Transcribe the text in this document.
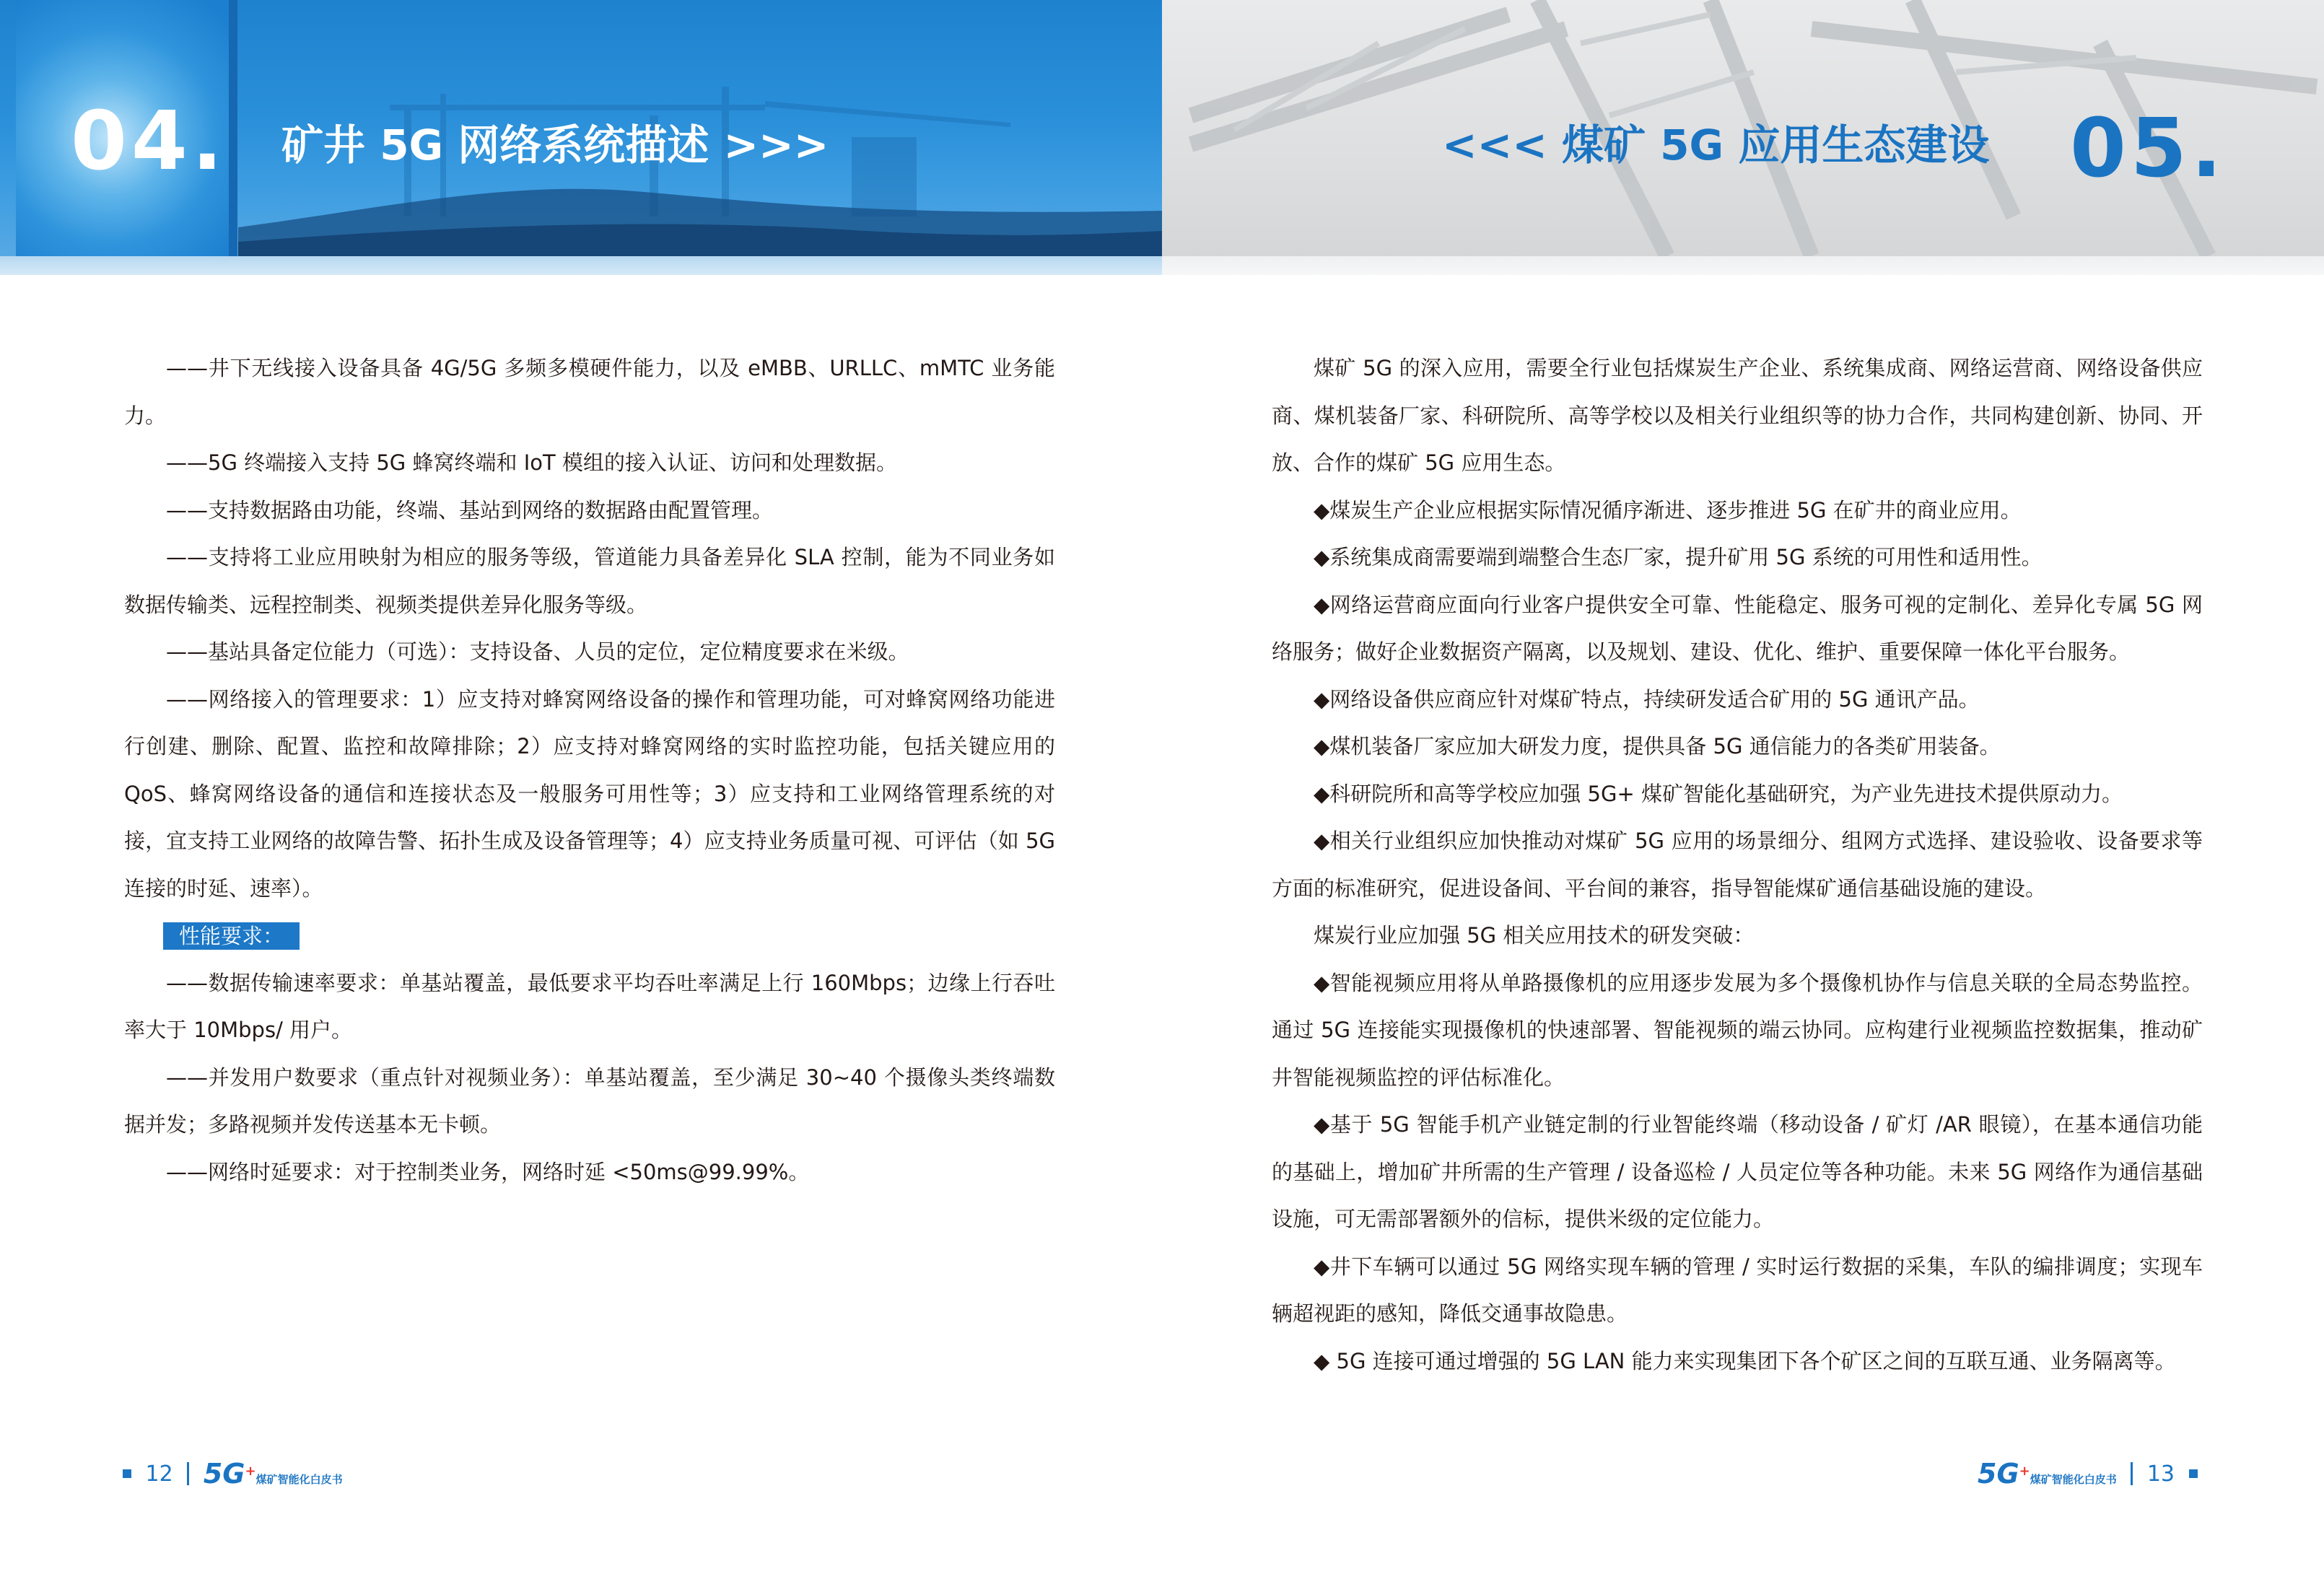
04. 矿井 5G 网络系统描述 >>>	<<< 煤矿 5G 应用生态建设 05.

——井下无线接入设备具备 4G/5G 多频多模硬件能力，以及 eMBB、URLLC、mMTC 业务能力。

——5G 终端接入支持 5G 蜂窝终端和 IoT 模组的接入认证、访问和处理数据。

——支持数据路由功能，终端、基站到网络的数据路由配置管理。

——支持将工业应用映射为相应的服务等级，管道能力具备差异化 SLA 控制，能为不同业务如数据传输类、远程控制类、视频类提供差异化服务等级。

——基站具备定位能力（可选）：支持设备、人员的定位，定位精度要求在米级。

——网络接入的管理要求：1）应支持对蜂窝网络设备的操作和管理功能，可对蜂窝网络功能进行创建、删除、配置、监控和故障排除；2）应支持对蜂窝网络的实时监控功能，包括关键应用的 QoS、蜂窝网络设备的通信和连接状态及一般服务可用性等；3）应支持和工业网络管理系统的对接，宜支持工业网络的故障告警、拓扑生成及设备管理等；4）应支持业务质量可视、可评估（如 5G 连接的时延、速率）。

性能要求：

——数据传输速率要求：单基站覆盖，最低要求平均吞吐率满足上行 160Mbps；边缘上行吞吐率大于 10Mbps/ 用户。

——并发用户数要求（重点针对视频业务）：单基站覆盖，至少满足 30~40 个摄像头类终端数据并发；多路视频并发传送基本无卡顿。

——网络时延要求：对于控制类业务，网络时延 <50ms@99.99%。

煤矿 5G 的深入应用，需要全行业包括煤炭生产企业、系统集成商、网络运营商、网络设备供应商、煤机装备厂家、科研院所、高等学校以及相关行业组织等的协力合作，共同构建创新、协同、开放、合作的煤矿 5G 应用生态。

◆煤炭生产企业应根据实际情况循序渐进、逐步推进 5G 在矿井的商业应用。

◆系统集成商需要端到端整合生态厂家，提升矿用 5G 系统的可用性和适用性。

◆网络运营商应面向行业客户提供安全可靠、性能稳定、服务可视的定制化、差异化专属 5G 网络服务；做好企业数据资产隔离，以及规划、建设、优化、维护、重要保障一体化平台服务。

◆网络设备供应商应针对煤矿特点，持续研发适合矿用的 5G 通讯产品。

◆煤机装备厂家应加大研发力度，提供具备 5G 通信能力的各类矿用装备。

◆科研院所和高等学校应加强 5G+ 煤矿智能化基础研究，为产业先进技术提供原动力。

◆相关行业组织应加快推动对煤矿 5G 应用的场景细分、组网方式选择、建设验收、设备要求等方面的标准研究，促进设备间、平台间的兼容，指导智能煤矿通信基础设施的建设。

煤炭行业应加强 5G 相关应用技术的研发突破：

◆智能视频应用将从单路摄像机的应用逐步发展为多个摄像机协作与信息关联的全局态势监控。通过 5G 连接能实现摄像机的快速部署、智能视频的端云协同。应构建行业视频监控数据集，推动矿井智能视频监控的评估标准化。

◆基于 5G 智能手机产业链定制的行业智能终端（移动设备 / 矿灯 /AR 眼镜），在基本通信功能的基础上，增加矿井所需的生产管理 / 设备巡检 / 人员定位等各种功能。未来 5G 网络作为通信基础设施，可无需部署额外的信标，提供米级的定位能力。

◆井下车辆可以通过 5G 网络实现车辆的管理 / 实时运行数据的采集，车队的编排调度；实现车辆超视距的感知，降低交通事故隐患。

◆ 5G 连接可通过增强的 5G LAN 能力来实现集团下各个矿区之间的互联互通、业务隔离等。

12 5G+煤矿智能化白皮书	5G+煤矿智能化白皮书 13
